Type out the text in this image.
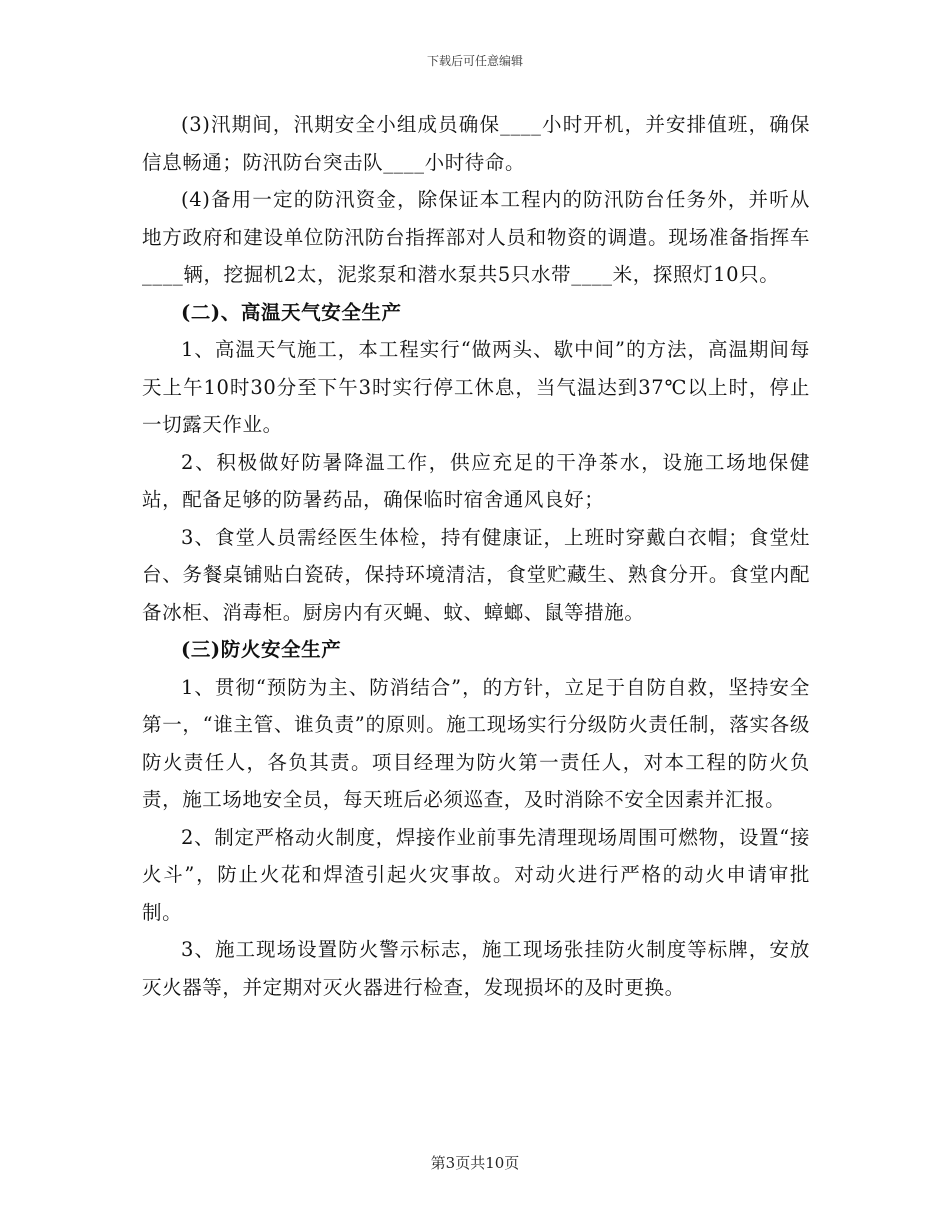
下载后可任意编辑

(3)汛期间，汛期安全小组成员确保____小时开机，并安排值班，确保信息畅通；防汛防台突击队____小时待命。

(4)备用一定的防汛资金，除保证本工程内的防汛防台任务外，并听从地方政府和建设单位防汛防台指挥部对人员和物资的调遣。现场准备指挥车____辆，挖掘机2太，泥浆泵和潜水泵共5只水带____米，探照灯10只。

(二)、高温天气安全生产

1、高温天气施工，本工程实行“做两头、歇中间”的方法，高温期间每天上午10时30分至下午3时实行停工休息，当气温达到37℃以上时，停止一切露天作业。

2、积极做好防暑降温工作，供应充足的干净茶水，设施工场地保健站，配备足够的防暑药品，确保临时宿舍通风良好；

3、食堂人员需经医生体检，持有健康证，上班时穿戴白衣帽；食堂灶台、务餐桌铺贴白瓷砖，保持环境清洁，食堂贮藏生、熟食分开。食堂内配备冰柜、消毒柜。厨房内有灭蝇、蚊、蟑螂、鼠等措施。

(三)防火安全生产

1、贯彻“预防为主、防消结合”，的方针，立足于自防自救，坚持安全第一，“谁主管、谁负责”的原则。施工现场实行分级防火责任制，落实各级防火责任人，各负其责。项目经理为防火第一责任人，对本工程的防火负责，施工场地安全员，每天班后必须巡查，及时消除不安全因素并汇报。

2、制定严格动火制度，焊接作业前事先清理现场周围可燃物，设置“接火斗”，防止火花和焊渣引起火灾事故。对动火进行严格的动火申请审批制。

3、施工现场设置防火警示标志，施工现场张挂防火制度等标牌，安放灭火器等，并定期对灭火器进行检查，发现损坏的及时更换。

第3页共10页
